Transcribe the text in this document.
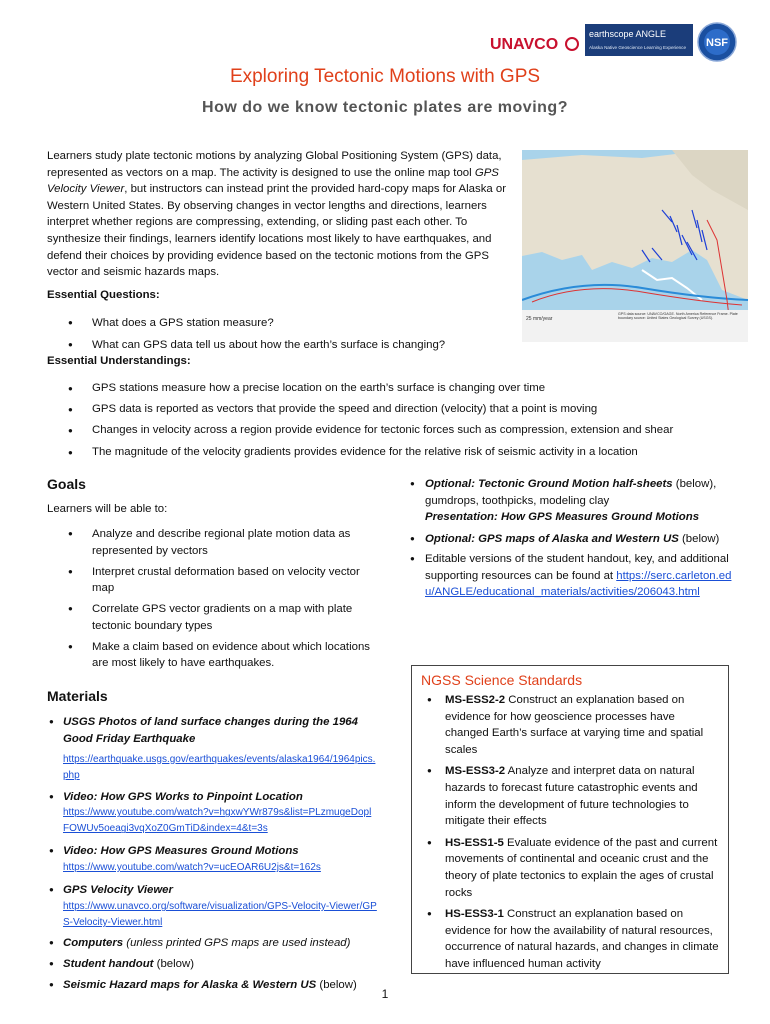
UNAVCO
earthscope ANGLE
Alaska Native Geoscience Learning Experience NSF
Exploring Tectonic Motions with GPS
How do we know tectonic plates are moving?
Learners study plate tectonic motions by analyzing Global Positioning System (GPS) data, represented as vectors on a map. The activity is designed to use the online map tool GPS Velocity Viewer, but instructors can instead print the provided hard-copy maps for Alaska or Western United States. By observing changes in vector lengths and directions, learners interpret whether regions are compressing, extending, or sliding past each other. To synthesize their findings, learners identify locations most likely to have earthquakes, and defend their choices by providing evidence based on the tectonic motions from the GPS vector and seismic hazards maps.
25 mm/year
GPS data source: UNAVCO/GAGE. North America Reference Frame. Plate boundary source: United States Geological Survey (USGS).
Essential Questions:
● What does a GPS station measure?
● What can GPS data tell us about how the earth’s surface is changing?
Essential Understandings:
● GPS stations measure how a precise location on the earth’s surface is changing over time
● GPS data is reported as vectors that provide the speed and direction (velocity) that a point is moving
● Changes in velocity across a region provide evidence for tectonic forces such as compression, extension and shear
● The magnitude of the velocity gradients provides evidence for the relative risk of seismic activity in a location
Goals
Learners will be able to:
● Analyze and describe regional plate motion data as represented by vectors
● Interpret crustal deformation based on velocity vector map
● Correlate GPS vector gradients on a map with plate tectonic boundary types
● Make a claim based on evidence about which locations are most likely to have earthquakes.
● Optional: Tectonic Ground Motion half-sheets (below), gumdrops, toothpicks, modeling clay
Presentation: How GPS Measures Ground Motions
● Optional: GPS maps of Alaska and Western US (below)
● Editable versions of the student handout, key, and additional supporting resources can be found at https://serc.carleton.edu/ANGLE/educational_materials/activities/206043.html
Materials
● USGS Photos of land surface changes during the 1964 Good Friday Earthquake
https://earthquake.usgs.gov/earthquakes/events/alaska1964/1964pics.php
● Video: How GPS Works to Pinpoint Location
https://www.youtube.com/watch?v=hgxwYWr879s&list=PLzmugeDoplFOWUv5oeagi3vqXoZ0GmTiD&index=4&t=3s
● Video: How GPS Measures Ground Motions
https://www.youtube.com/watch?v=ucEOAR6U2js&t=162s
● GPS Velocity Viewer
https://www.unavco.org/software/visualization/GPS-Velocity-Viewer/GPS-Velocity-Viewer.html
● Computers (unless printed GPS maps are used instead)
● Student handout (below)
● Seismic Hazard maps for Alaska & Western US (below)
NGSS Science Standards
● MS-ESS2-2 Construct an explanation based on evidence for how geoscience processes have changed Earth’s surface at varying time and spatial scales
● MS-ESS3-2 Analyze and interpret data on natural hazards to forecast future catastrophic events and inform the development of future technologies to mitigate their effects
● HS-ESS1-5 Evaluate evidence of the past and current movements of continental and oceanic crust and the theory of plate tectonics to explain the ages of crustal rocks
● HS-ESS3-1 Construct an explanation based on evidence for how the availability of natural resources, occurrence of natural hazards, and changes in climate have influenced human activity
1
